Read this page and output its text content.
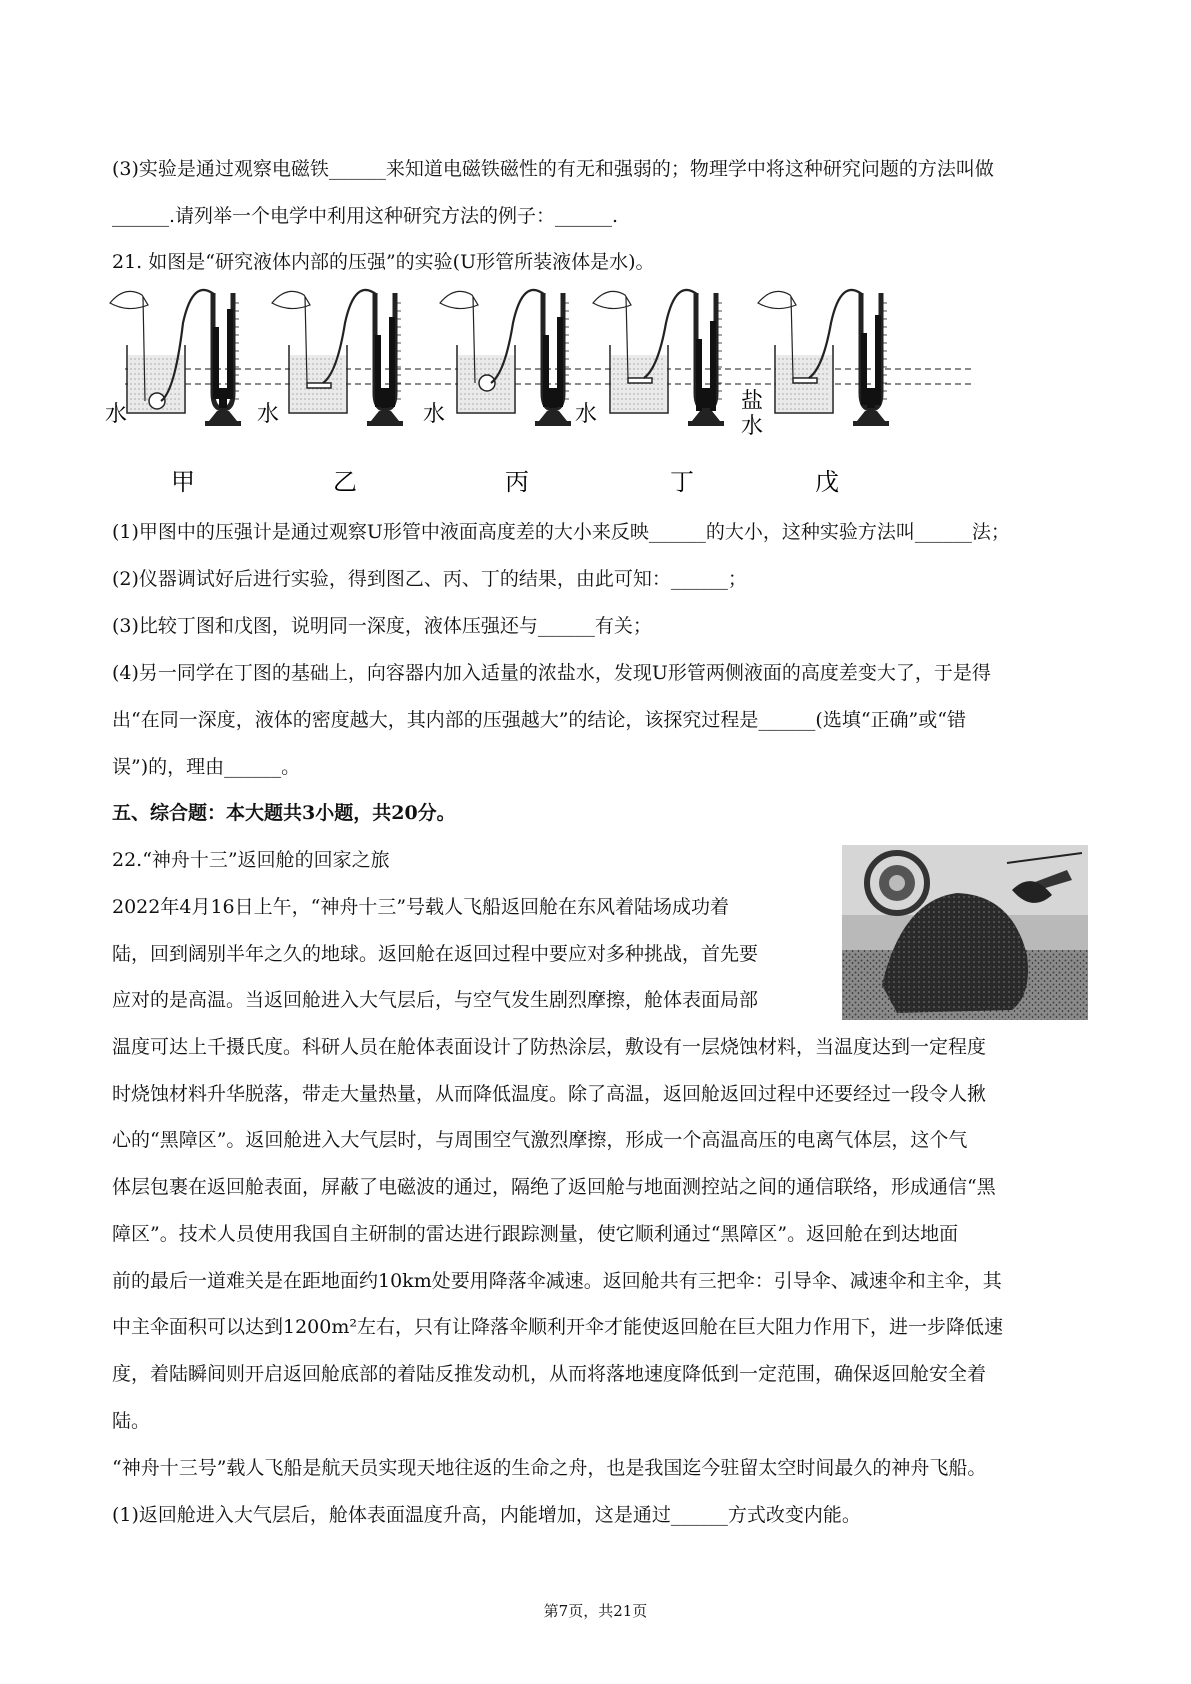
(3)实验是通过观察电磁铁______来知道电磁铁磁性的有无和强弱的；物理学中将这种研究问题的方法叫做
______.请列举一个电学中利用这种研究方法的例子：______.
21. 如图是“研究液体内部的压强”的实验(U形管所装液体是水)。
水	水	水	水
盐
水
甲	乙	丙	丁	戊
(1)甲图中的压强计是通过观察U形管中液面高度差的大小来反映______的大小，这种实验方法叫______法；
(2)仪器调试好后进行实验，得到图乙、丙、丁的结果，由此可知：______；
(3)比较丁图和戊图，说明同一深度，液体压强还与______有关；
(4)另一同学在丁图的基础上，向容器内加入适量的浓盐水，发现U形管两侧液面的高度差变大了，于是得
出“在同一深度，液体的密度越大，其内部的压强越大”的结论，该探究过程是______(选填“正确”或“错
误”)的，理由______。
五、综合题：本大题共3小题，共20分。
22.“神舟十三”返回舱的回家之旅
2022年4月16日上午，“神舟十三”号载人飞船返回舱在东风着陆场成功着
陆，回到阔别半年之久的地球。返回舱在返回过程中要应对多种挑战，首先要
应对的是高温。当返回舱进入大气层后，与空气发生剧烈摩擦，舱体表面局部
温度可达上千摄氏度。科研人员在舱体表面设计了防热涂层，敷设有一层烧蚀材料，当温度达到一定程度
时烧蚀材料升华脱落，带走大量热量，从而降低温度。除了高温，返回舱返回过程中还要经过一段令人揪
心的“黑障区”。返回舱进入大气层时，与周围空气激烈摩擦，形成一个高温高压的电离气体层，这个气
体层包裹在返回舱表面，屏蔽了电磁波的通过，隔绝了返回舱与地面测控站之间的通信联络，形成通信“黑
障区”。技术人员使用我国自主研制的雷达进行跟踪测量，使它顺利通过“黑障区”。返回舱在到达地面
前的最后一道难关是在距地面约10km处要用降落伞减速。返回舱共有三把伞：引导伞、减速伞和主伞，其
中主伞面积可以达到1200m²左右，只有让降落伞顺利开伞才能使返回舱在巨大阻力作用下，进一步降低速
度，着陆瞬间则开启返回舱底部的着陆反推发动机，从而将落地速度降低到一定范围，确保返回舱安全着
陆。
“神舟十三号”载人飞船是航天员实现天地往返的生命之舟，也是我国迄今驻留太空时间最久的神舟飞船。
(1)返回舱进入大气层后，舱体表面温度升高，内能增加，这是通过______方式改变内能。
第7页，共21页
